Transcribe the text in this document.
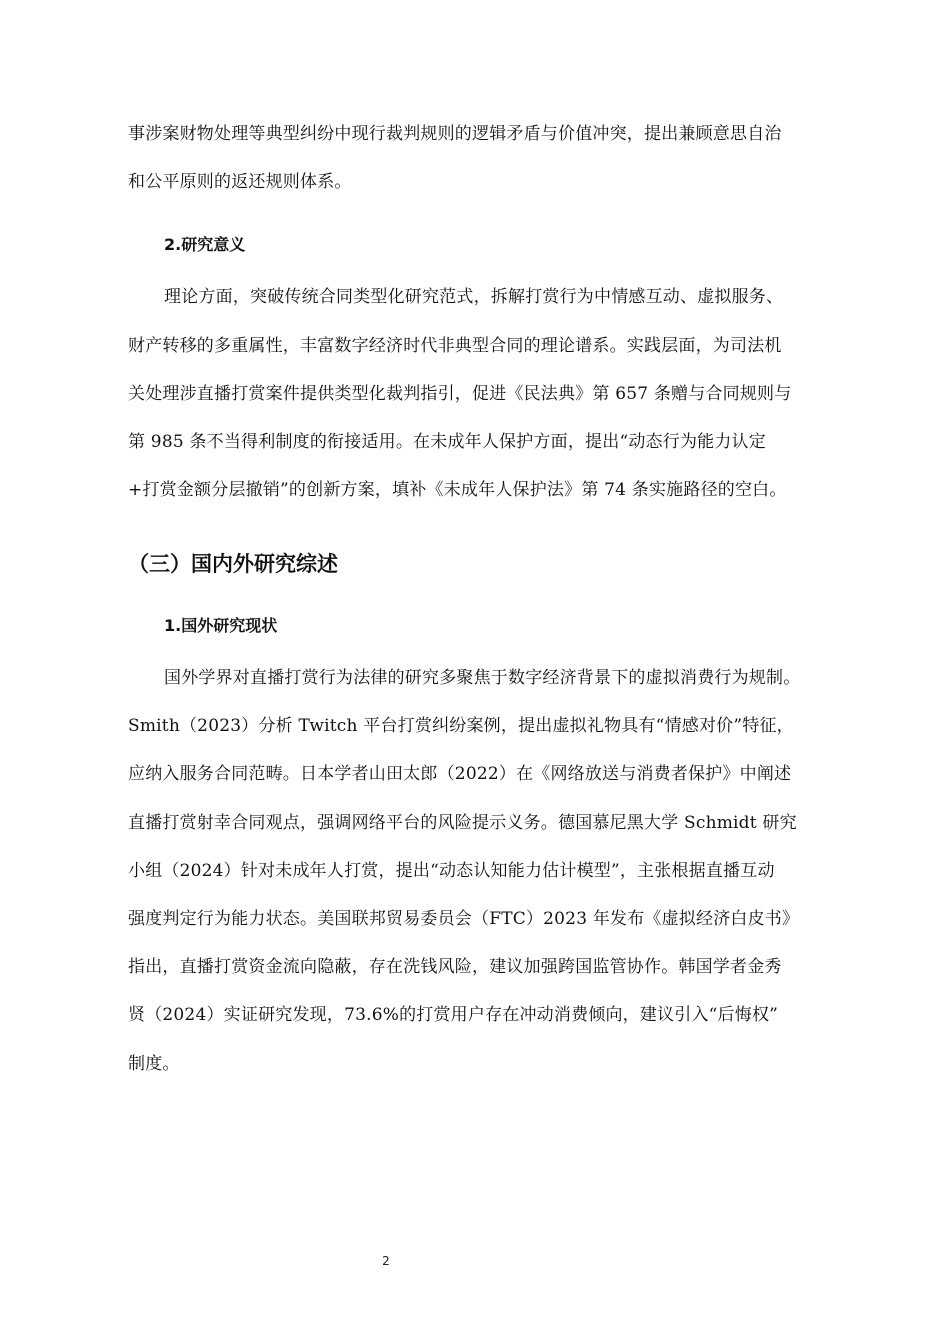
事涉案财物处理等典型纠纷中现行裁判规则的逻辑矛盾与价值冲突，提出兼顾意思自治
和公平原则的返还规则体系。
2.研究意义
理论方面，突破传统合同类型化研究范式，拆解打赏行为中情感互动、虚拟服务、
财产转移的多重属性，丰富数字经济时代非典型合同的理论谱系。实践层面，为司法机
关处理涉直播打赏案件提供类型化裁判指引，促进《民法典》第 657 条赠与合同规则与
第 985 条不当得利制度的衔接适用。在未成年人保护方面，提出“动态行为能力认定
+打赏金额分层撤销”的创新方案，填补《未成年人保护法》第 74 条实施路径的空白。
（三）国内外研究综述
1.国外研究现状
国外学界对直播打赏行为法律的研究多聚焦于数字经济背景下的虚拟消费行为规制。
Smith（2023）分析 Twitch 平台打赏纠纷案例，提出虚拟礼物具有“情感对价”特征，
应纳入服务合同范畴。日本学者山田太郎（2022）在《网络放送与消费者保护》中阐述
直播打赏射幸合同观点，强调网络平台的风险提示义务。德国慕尼黑大学 Schmidt 研究
小组（2024）针对未成年人打赏，提出“动态认知能力估计模型”，主张根据直播互动
强度判定行为能力状态。美国联邦贸易委员会（FTC）2023 年发布《虚拟经济白皮书》
指出，直播打赏资金流向隐蔽，存在洗钱风险，建议加强跨国监管协作。韩国学者金秀
贤（2024）实证研究发现，73.6%的打赏用户存在冲动消费倾向，建议引入“后悔权”
制度。
2
